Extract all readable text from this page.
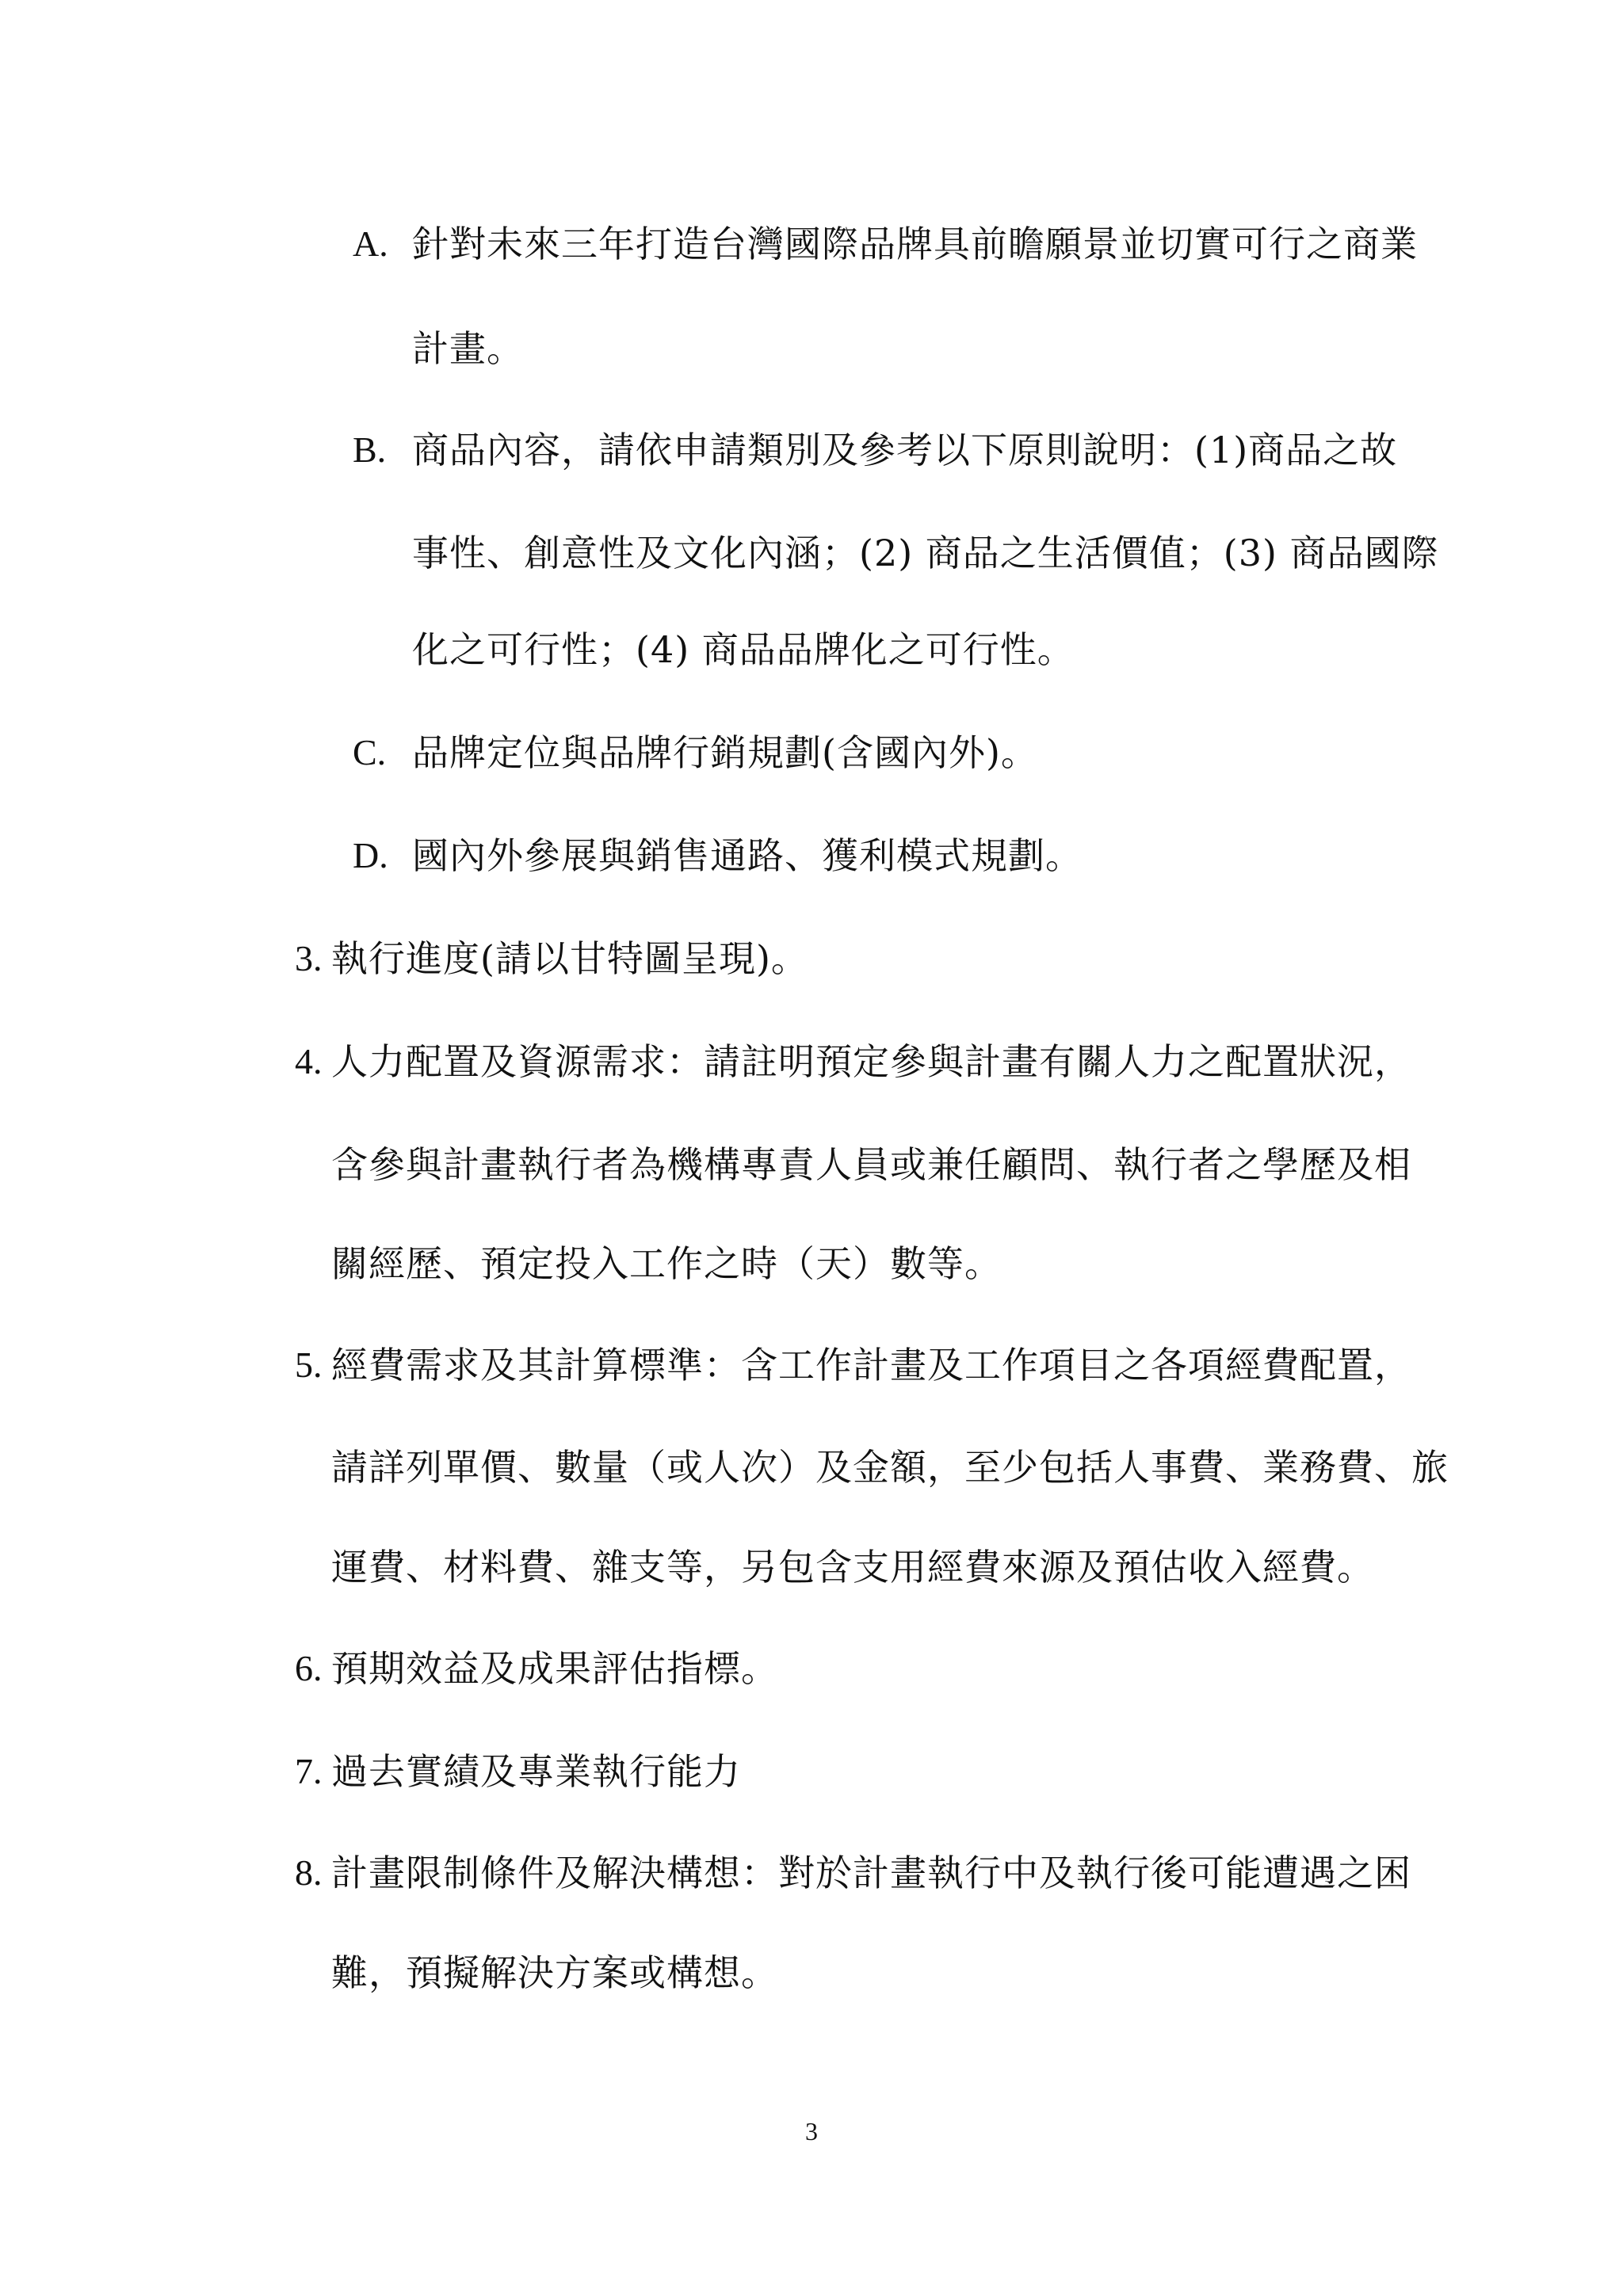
A. 針對未來三年打造台灣國際品牌具前瞻願景並切實可行之商業
計畫。
B. 商品內容，請依申請類別及參考以下原則說明：(1)商品之故
事性、創意性及文化內涵；(2) 商品之生活價值；(3) 商品國際
化之可行性；(4) 商品品牌化之可行性。
C. 品牌定位與品牌行銷規劃(含國內外)。
D. 國內外參展與銷售通路、獲利模式規劃。
3. 執行進度(請以甘特圖呈現)。
4. 人力配置及資源需求：請註明預定參與計畫有關人力之配置狀況，
含參與計畫執行者為機構專責人員或兼任顧問、執行者之學歷及相
關經歷、預定投入工作之時（天）數等。
5. 經費需求及其計算標準：含工作計畫及工作項目之各項經費配置，
請詳列單價、數量（或人次）及金額，至少包括人事費、業務費、旅
運費、材料費、雜支等，另包含支用經費來源及預估收入經費。
6. 預期效益及成果評估指標。
7. 過去實績及專業執行能力
8. 計畫限制條件及解決構想：對於計畫執行中及執行後可能遭遇之困
難，預擬解決方案或構想。
3
